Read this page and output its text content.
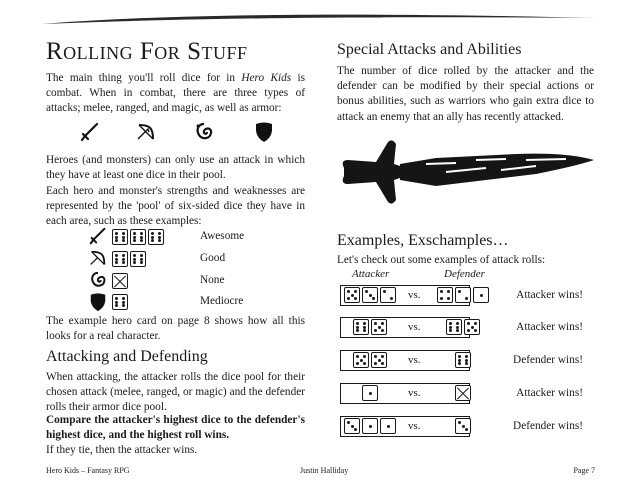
Rolling For Stuff

The main thing you'll roll dice for in Hero Kids is combat. When in combat, there are three types of attacks; melee, ranged, and magic, as well as armor:

Heroes (and monsters) can only use an attack in which they have at least one dice in their pool.

Each hero and monster's strengths and weaknesses are represented by the 'pool' of six-sided dice they have in each area, such as these examples:

Awesome
Good
None
Mediocre

The example hero card on page 8 shows how all this looks for a real character.

Attacking and Defending

When attacking, the attacker rolls the dice pool for their chosen attack (melee, ranged, or magic) and the defender rolls their armor dice pool.

Compare the attacker's highest dice to the defender's highest dice, and the highest roll wins.

If they tie, then the attacker wins.

Special Attacks and Abilities

The number of dice rolled by the attacker and the defender can be modified by their special actions or bonus abilities, such as warriors who gain extra dice to attack an enemy that an ally has recently attacked.

Examples, Exschamples…

Let's check out some examples of attack rolls:

Attacker	Defender
vs.	Attacker wins!
vs.	Attacker wins!
vs.	Defender wins!
vs.	Attacker wins!
vs.	Defender wins!
Hero Kids – Fantasy RPG	Justin Halliday	Page 7
